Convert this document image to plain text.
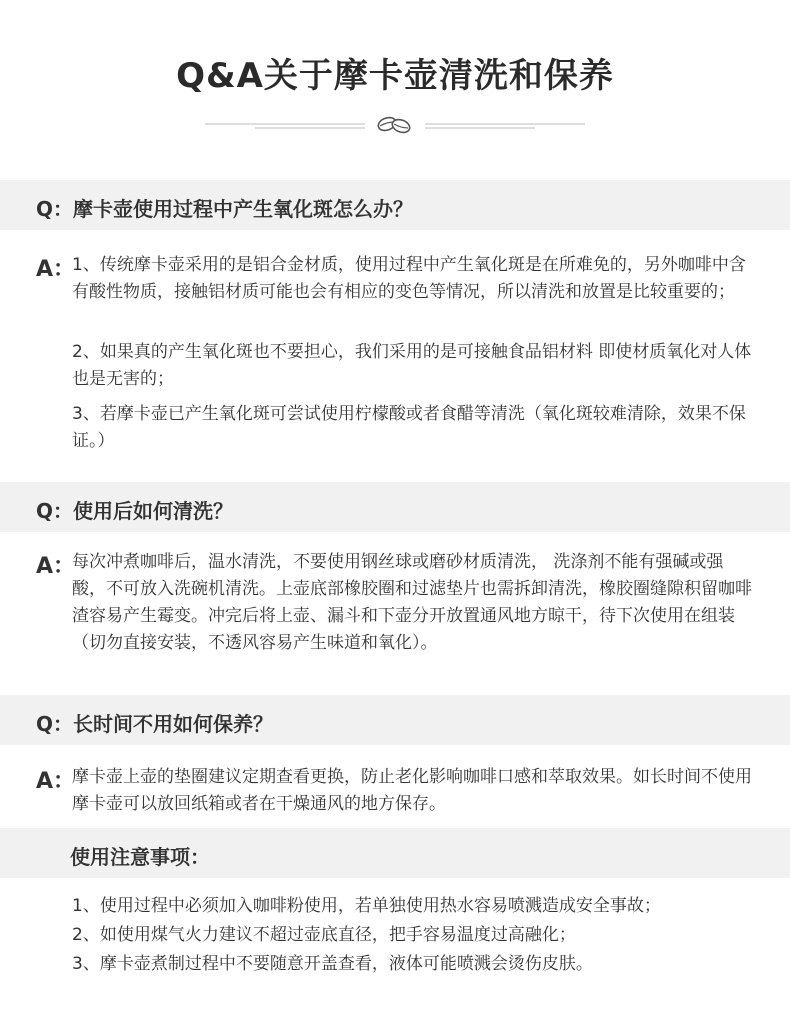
Q&A关于摩卡壶清洗和保养
Q：摩卡壶使用过程中产生氧化斑怎么办？
A：
1、传统摩卡壶采用的是铝合金材质，使用过程中产生氧化斑是在所难免的，另外咖啡中含有酸性物质，接触铝材质可能也会有相应的变色等情况，所以清洗和放置是比较重要的；
2、如果真的产生氧化斑也不要担心，我们采用的是可接触食品铝材料 即使材质氧化对人体也是无害的；
3、若摩卡壶已产生氧化斑可尝试使用柠檬酸或者食醋等清洗（氧化斑较难清除，效果不保证。）
Q：使用后如何清洗？
A：
每次冲煮咖啡后，温水清洗，不要使用钢丝球或磨砂材质清洗， 洗涤剂不能有强碱或强酸，不可放入洗碗机清洗。上壶底部橡胶圈和过滤垫片也需拆卸清洗，橡胶圈缝隙积留咖啡渣容易产生霉变。冲完后将上壶、漏斗和下壶分开放置通风地方晾干，待下次使用在组装（切勿直接安装，不透风容易产生味道和氧化）。
Q：长时间不用如何保养？
A：
摩卡壶上壶的垫圈建议定期查看更换，防止老化影响咖啡口感和萃取效果。如长时间不使用摩卡壶可以放回纸箱或者在干燥通风的地方保存。
使用注意事项：
1、使用过程中必须加入咖啡粉使用，若单独使用热水容易喷溅造成安全事故；
2、如使用煤气火力建议不超过壶底直径，把手容易温度过高融化；
3、摩卡壶煮制过程中不要随意开盖查看，液体可能喷溅会烫伤皮肤。
